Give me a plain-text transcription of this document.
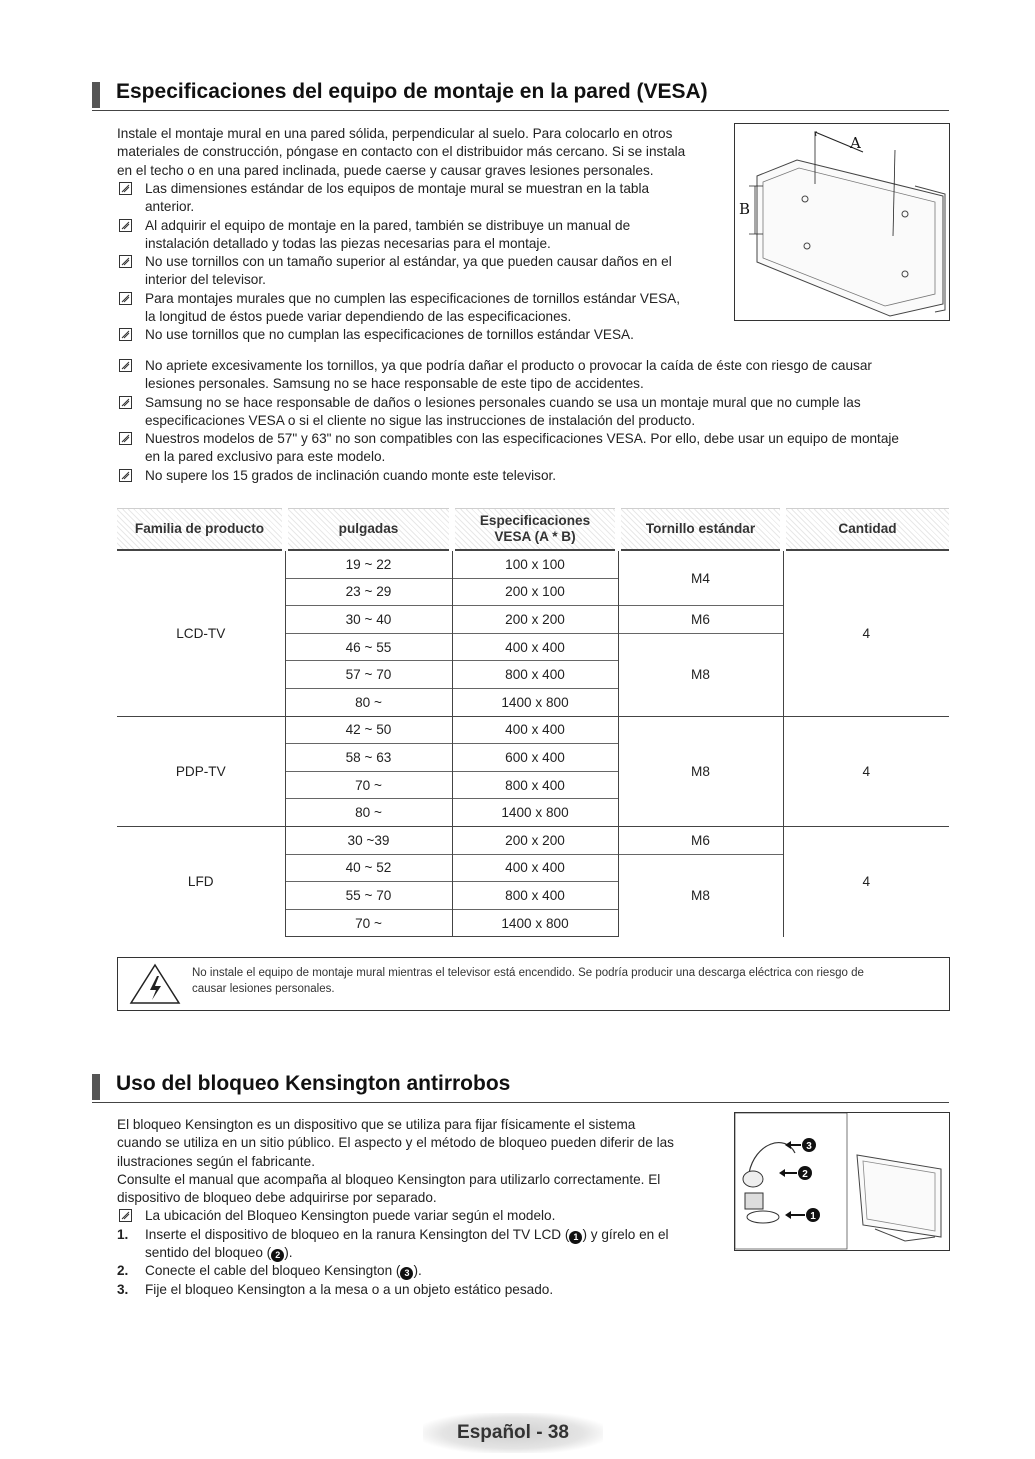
Especificaciones del equipo de montaje en la pared (VESA)

Instale el montaje mural en una pared sólida, perpendicular al suelo. Para colocarlo en otros

materiales de construcción, póngase en contacto con el distribuidor más cercano. Si se instala

en el techo o en una pared inclinada, puede caerse y causar graves lesiones personales.

Las dimensiones estándar de los equipos de montaje mural se muestran en la tabla

anterior.

Al adquirir el equipo de montaje en la pared, también se distribuye un manual de

instalación detallado y todas las piezas necesarias para el montaje.

No use tornillos con un tamaño superior al estándar, ya que pueden causar daños en el

interior del televisor.

Para montajes murales que no cumplen las especificaciones de tornillos estándar VESA,

la longitud de éstos puede variar dependiendo de las especificaciones.

No use tornillos que no cumplan las especificaciones de tornillos estándar VESA.

No apriete excesivamente los tornillos, ya que podría dañar el producto o provocar la caída de éste con riesgo de causar

lesiones personales. Samsung no se hace responsable de este tipo de accidentes.

Samsung no se hace responsable de daños o lesiones personales cuando se usa un montaje mural que no cumple las

especificaciones VESA o si el cliente no sigue las instrucciones de instalación del producto.

Nuestros modelos de 57" y 63" no son compatibles con las especificaciones VESA. Por ello, debe usar un equipo de montaje

en la pared exclusivo para este modelo.

No supere los 15 grados de inclinación cuando monte este televisor.

A
B
Familia de producto	pulgadas	Especificaciones VESA (A * B)	Tornillo estándar	Cantidad
LCD-TV	19 ~ 22	100 x 100	M4	4
	23 ~ 29	200 x 100		
	30 ~ 40	200 x 200	M6	
	46 ~ 55	400 x 400	M8	
	57 ~ 70	800 x 400		
	80 ~	1400 x 800		
PDP-TV	42 ~ 50	400 x 400	M8	4
	58 ~ 63	600 x 400		
	70 ~	800 x 400		
	80 ~	1400 x 800		
LFD	30 ~39	200 x 200	M6	4
	40 ~ 52	400 x 400	M8	
	55 ~ 70	800 x 400		
	70 ~	1400 x 800		
No instale el equipo de montaje mural mientras el televisor está encendido. Se podría producir una descarga eléctrica con riesgo de
causar lesiones personales.
Uso del bloqueo Kensington antirrobos

El bloqueo Kensington es un dispositivo que se utiliza para fijar físicamente el sistema

cuando se utiliza en un sitio público. El aspecto y el método de bloqueo pueden diferir de las

ilustraciones según el fabricante.

Consulte el manual que acompaña al bloqueo Kensington para utilizarlo correctamente. El

dispositivo de bloqueo debe adquirirse por separado.

La ubicación del Bloqueo Kensington puede variar según el modelo.

1. Inserte el dispositivo de bloqueo en la ranura Kensington del TV LCD ( 1 ) y gírelo en el

sentido del bloqueo ( 2 ).

2. Conecte el cable del bloqueo Kensington ( 3 ).

3. Fije el bloqueo Kensington a la mesa o a un objeto estático pesado.

3
2
1
Español - 38
